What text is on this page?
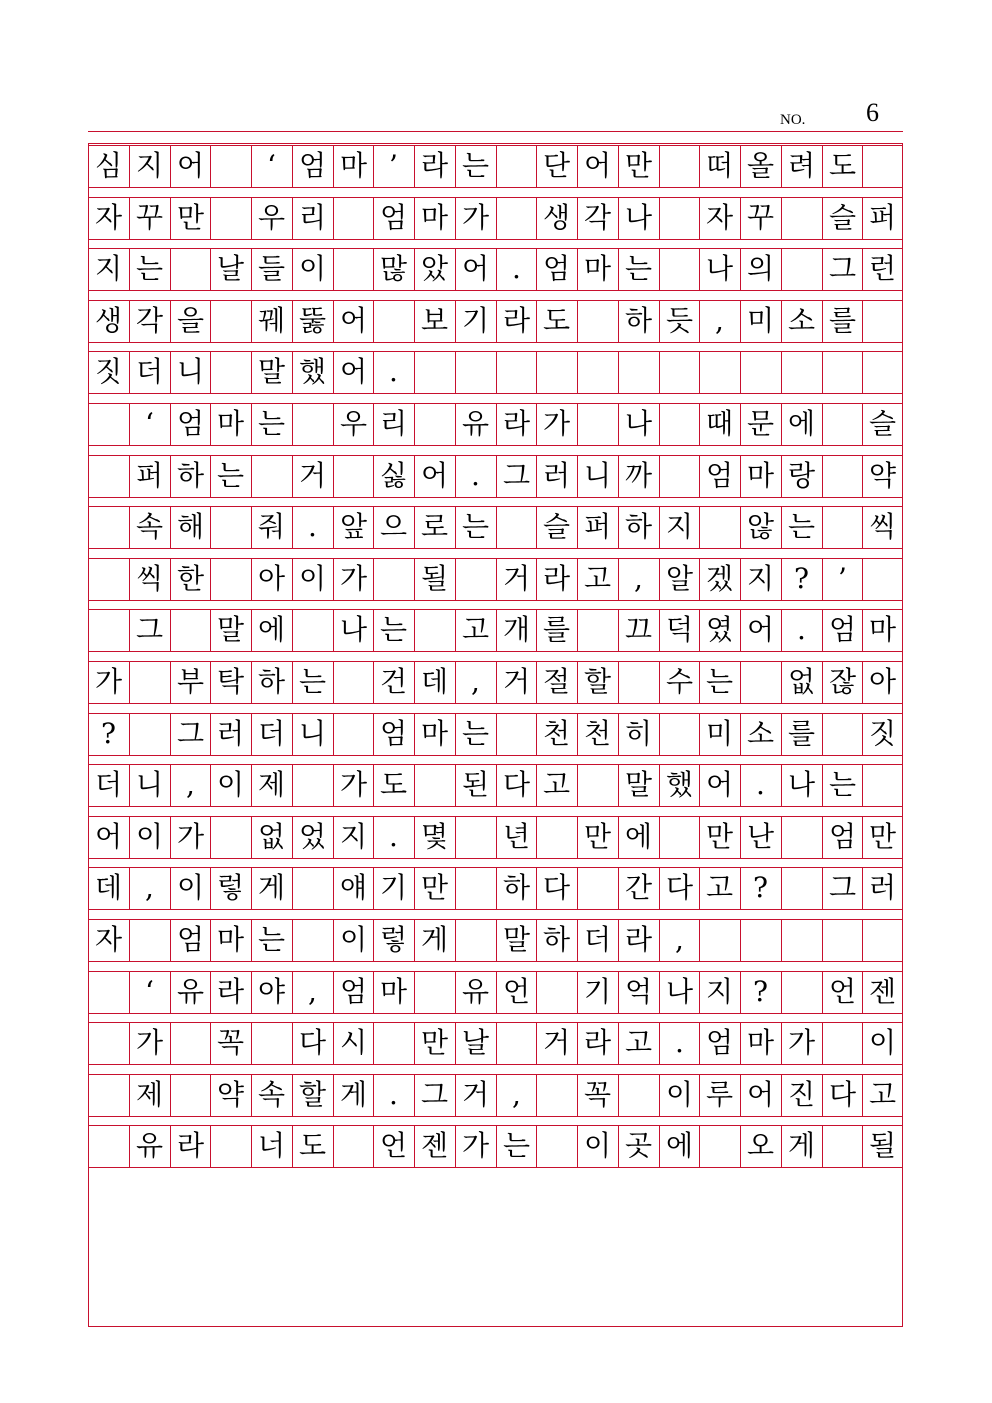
NO. 6
심 지 어	‘ 엄 마 ’ 라 는 단 어 만 떠 올 려 도
자 꾸 만 우 리 엄 마 가 생 각 나 자 꾸 슬 퍼
지 는 날 들 이 많 았 어 . 엄 마 는 나 의 그 런
생 각 을 꿰 뚫 어 보 기 라 도 하 듯 , 미 소 를
짓 더 니 말 했 어 .
‘ 엄 마 는 우 리 유 라 가 나 때 문 에 슬
퍼 하 는 거 싫 어 . 그 러 니 까 엄 마 랑 약
속 해 줘 . 앞 으 로 는 슬 퍼 하 지 않 는 씩
씩 한 아 이 가 될 거 라 고 , 알 겠 지 ?	’
그 말 에 나 는 고 개 를 끄 덕 였 어 . 엄 마
가 부 탁 하 는 건 데 , 거 절 할 수 는 없 잖 아
?	그 러 더 니 엄 마 는 천 천 히 미 소 를 짓
더 니 , 이 제 가 도 된 다 고 말 했 어 . 나 는
어 이 가 없 었 지 . 몇 년 만 에 만 난 엄 만
데 , 이 렇 게 얘 기 만 하 다 간 다 고 ?	그 러
자 엄 마 는 이 렇 게 말 하 더 라 ,
‘ 유 라 야 , 엄 마 유 언 기 억 나 지 ?	언 젠
가 꼭 다 시 만 날 거 라 고 . 엄 마 가 이
제 약 속 할 게 . 그 거 ,	꼭 이 루 어 진 다 고
유 라 너 도 언 젠 가 는 이 곳 에 오 게 될
